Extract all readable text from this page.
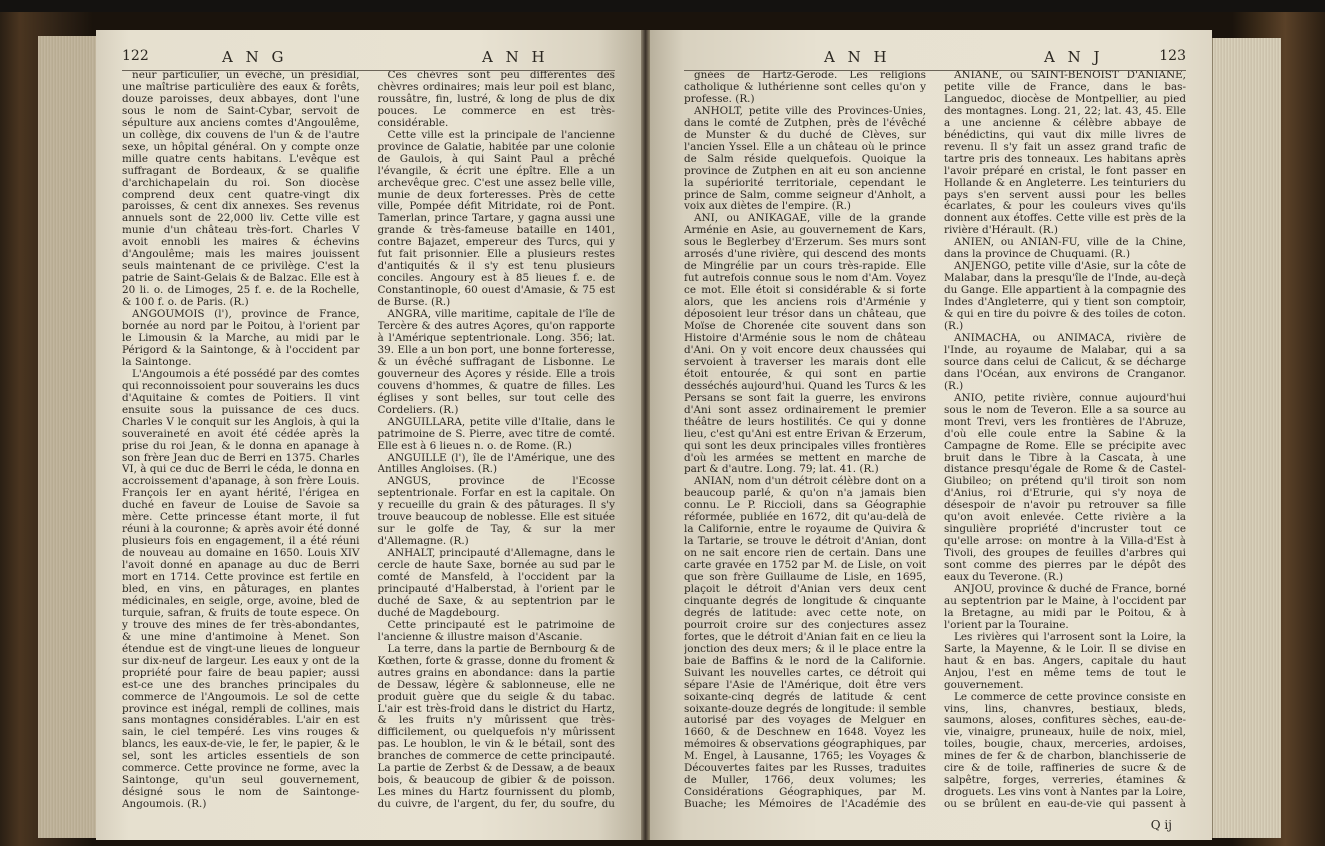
122	A N G	A N H

neur particulier, un évêché, un présidial, une maîtrise particulière des eaux & forêts, douze paroisses, deux abbayes, dont l'une sous le nom de Saint-Cybar, servoit de sépulture aux anciens comtes d'Angoulême, un collège, dix couvens de l'un & de l'autre sexe, un hôpital général. On y compte onze mille quatre cents habitans. L'evêque est suffragant de Bordeaux, & se qualifie d'archichapelain du roi. Son diocèse comprend deux cent quatre-vingt dix paroisses, & cent dix annexes. Ses revenus annuels sont de 22,000 liv. Cette ville est munie d'un château très-fort. Charles V avoit ennobli les maires & échevins d'Angoulême; mais les maires jouissent seuls maintenant de ce privilège. C'est la patrie de Saint-Gelais & de Balzac. Elle est à 20 li. o. de Limoges, 25 f. e. de la Rochelle, & 100 f. o. de Paris. (R.)

ANGOUMOIS (l'), province de France, bornée au nord par le Poitou, à l'orient par le Limousin & la Marche, au midi par le Périgord & la Saintonge, & à l'occident par la Saintonge.

L'Angoumois a été possédé par des comtes qui reconnoissoient pour souverains les ducs d'Aquitaine & comtes de Poitiers. Il vint ensuite sous la puissance de ces ducs. Charles V le conquit sur les Anglois, à qui la souveraineté en avoit été cédée après la prise du roi Jean, & le donna en apanage à son frère Jean duc de Berri en 1375. Charles VI, à qui ce duc de Berri le céda, le donna en accroissement d'apanage, à son frère Louis. François Ier en ayant hérité, l'érigea en duché en faveur de Louise de Savoie sa mère. Cette princesse étant morte, il fut réuni à la couronne; & après avoir été donné plusieurs fois en engagement, il a été réuni de nouveau au domaine en 1650. Louis XIV l'avoit donné en apanage au duc de Berri mort en 1714. Cette province est fertile en bled, en vins, en pâturages, en plantes médicinales, en seigle, orge, avoine, bled de turquie, safran, & fruits de toute espece. On y trouve des mines de fer très-abondantes, & une mine d'antimoine à Menet. Son étendue est de vingt-une lieues de longueur sur dix-neuf de largeur. Les eaux y ont de la propriété pour faire de beau papier; aussi est-ce une des branches principales du commerce de l'Angoumois. Le sol de cette province est inégal, rempli de collines, mais sans montagnes considérables. L'air en est sain, le ciel tempéré. Les vins rouges & blancs, les eaux-de-vie, le fer, le papier, & le sel, sont les articles essentiels de son commerce. Cette province ne forme, avec la Saintonge, qu'un seul gouvernement, désigné sous le nom de Saintonge-Angoumois. (R.)

Ces chèvres sont peu différentes des chèvres ordinaires; mais leur poil est blanc, roussâtre, fin, lustré, & long de plus de dix pouces. Le commerce en est très-considérable.

Cette ville est la principale de l'ancienne province de Galatie, habitée par une colonie de Gaulois, à qui Saint Paul a prêché l'évangile, & écrit une épître. Elle a un archevêque grec. C'est une assez belle ville, munie de deux forteresses. Près de cette ville, Pompée défit Mitridate, roi de Pont. Tamerlan, prince Tartare, y gagna aussi une grande & très-fameuse bataille en 1401, contre Bajazet, empereur des Turcs, qui y fut fait prisonnier. Elle a plusieurs restes d'antiquités & il s'y est tenu plusieurs conciles. Angoury est à 85 lieues f. e. de Constantinople, 60 ouest d'Amasie, & 75 est de Burse. (R.)

ANGRA, ville maritime, capitale de l'île de Tercère & des autres Açores, qu'on rapporte à l'Amérique septentrionale. Long. 356; lat. 39. Elle a un bon port, une bonne forteresse, & un évêché suffragant de Lisbonne. Le gouverneur des Açores y réside. Elle a trois couvens d'hommes, & quatre de filles. Les églises y sont belles, sur tout celle des Cordeliers. (R.)

ANGUILLARA, petite ville d'Italie, dans le patrimoine de S. Pierre, avec titre de comté. Elle est à 6 lieues n. o. de Rome. (R.)

ANGUILLE (l'), île de l'Amérique, une des Antilles Angloises. (R.)

ANGUS, province de l'Ecosse septentrionale. Forfar en est la capitale. On y recueille du grain & des pâturages. Il s'y trouve beaucoup de noblesse. Elle est située sur le golfe de Tay, & sur la mer d'Allemagne. (R.)

ANHALT, principauté d'Allemagne, dans le cercle de haute Saxe, bornée au sud par le comté de Mansfeld, à l'occident par la principauté d'Halberstad, à l'orient par le duché de Saxe, & au septentrion par le duché de Magdebourg.

Cette principauté est le patrimoine de l'ancienne & illustre maison d'Ascanie.

La terre, dans la partie de Bernbourg & de Kœthen, forte & grasse, donne du froment & autres grains en abondance: dans la partie de Dessaw, légère & sablonneuse, elle ne produit guère que du seigle & du tabac. L'air est très-froid dans le district du Hartz, & les fruits n'y mûrissent que très-difficilement, ou quelquefois n'y mûrissent pas. Le houblon, le vin & le bétail, sont des branches de commerce de cette principauté. La partie de Zerbst & de Dessaw, a de beaux bois, & beaucoup de gibier & de poisson. Les mines du Hartz fournissent du plomb, du cuivre, de l'argent, du fer, du soufre, du

A N H	A N J	123

gnées de Hartz-Gerode. Les religions catholique & luthérienne sont celles qu'on y professe. (R.)

ANHOLT, petite ville des Provinces-Unies, dans le comté de Zutphen, près de l'évêché de Munster & du duché de Clèves, sur l'ancien Yssel. Elle a un château où le prince de Salm réside quelquefois. Quoique la province de Zutphen en ait eu son ancienne la supériorité territoriale, cependant le prince de Salm, comme seigneur d'Anholt, a voix aux diètes de l'empire. (R.)

ANI, ou ANIKAGAE, ville de la grande Arménie en Asie, au gouvernement de Kars, sous le Beglerbey d'Erzerum. Ses murs sont arrosés d'une rivière, qui descend des monts de Mingrélie par un cours très-rapide. Elle fut autrefois connue sous le nom d'Am. Voyez ce mot. Elle étoit si considérable & si forte alors, que les anciens rois d'Arménie y déposoient leur trésor dans un château, que Moïse de Chorenée cite souvent dans son Histoire d'Arménie sous le nom de château d'Ani. On y voit encore deux chaussées qui servoient à traverser les marais dont elle étoit entourée, & qui sont en partie desséchés aujourd'hui. Quand les Turcs & les Persans se sont fait la guerre, les environs d'Ani sont assez ordinairement le premier théâtre de leurs hostilités. Ce qui y donne lieu, c'est qu'Ani est entre Erivan & Erzerum, qui sont les deux principales villes frontières d'où les armées se mettent en marche de part & d'autre. Long. 79; lat. 41. (R.)

ANIAN, nom d'un détroit célèbre dont on a beaucoup parlé, & qu'on n'a jamais bien connu. Le P. Riccioli, dans sa Géographie réformée, publiée en 1672, dit qu'au-delà de la Californie, entre le royaume de Quivira & la Tartarie, se trouve le détroit d'Anian, dont on ne sait encore rien de certain. Dans une carte gravée en 1752 par M. de Lisle, on voit que son frère Guillaume de Lisle, en 1695, plaçoit le détroit d'Anian vers deux cent cinquante degrés de longitude & cinquante degrés de latitude: avec cette note, on pourroit croire sur des conjectures assez fortes, que le détroit d'Anian fait en ce lieu la jonction des deux mers; & il le place entre la baie de Baffins & le nord de la Californie. Suivant les nouvelles cartes, ce détroit qui sépare l'Asie de l'Amérique, doit être vers soixante-cinq degrés de latitude & cent soixante-douze degrés de longitude: il semble autorisé par des voyages de Melguer en 1660, & de Deschnew en 1648. Voyez les mémoires & observations géographiques, par M. Engel, à Lausanne, 1765; les Voyages & Découvertes faites par les Russes, traduites de Muller, 1766, deux volumes; les Considérations Géographiques, par M. Buache; les Mémoires de l'Académie des

ANIANE, ou SAINT-BENOIST D'ANIANE, petite ville de France, dans le bas-Languedoc, diocèse de Montpellier, au pied des montagnes. Long. 21, 22; lat. 43, 45. Elle a une ancienne & célèbre abbaye de bénédictins, qui vaut dix mille livres de revenu. Il s'y fait un assez grand trafic de tartre pris des tonneaux. Les habitans après l'avoir préparé en cristal, le font passer en Hollande & en Angleterre. Les teinturiers du pays s'en servent aussi pour les belles écarlates, & pour les couleurs vives qu'ils donnent aux étoffes. Cette ville est près de la rivière d'Hérault. (R.)

ANIEN, ou ANIAN-FU, ville de la Chine, dans la province de Chuquami. (R.)

ANJENGO, petite ville d'Asie, sur la côte de Malabar, dans la presqu'île de l'Inde, au-deçà du Gange. Elle appartient à la compagnie des Indes d'Angleterre, qui y tient son comptoir, & qui en tire du poivre & des toiles de coton. (R.)

ANIMACHA, ou ANIMACA, rivière de l'Inde, au royaume de Malabar, qui a sa source dans celui de Calicut, & se décharge dans l'Océan, aux environs de Cranganor. (R.)

ANIO, petite rivière, connue aujourd'hui sous le nom de Teveron. Elle a sa source au mont Trevi, vers les frontières de l'Abruze, d'où elle coule entre la Sabine & la Campagne de Rome. Elle se précipite avec bruit dans le Tibre à la Cascata, à une distance presqu'égale de Rome & de Castel-Giubileo; on prétend qu'il tiroit son nom d'Anius, roi d'Etrurie, qui s'y noya de désespoir de n'avoir pu retrouver sa fille qu'on avoit enlevée. Cette rivière a la singulière propriété d'incruster tout ce qu'elle arrose: on montre à la Villa-d'Est à Tivoli, des groupes de feuilles d'arbres qui sont comme des pierres par le dépôt des eaux du Teverone. (R.)

ANJOU, province & duché de France, borné au septentrion par le Maine, à l'occident par la Bretagne, au midi par le Poitou, & à l'orient par la Touraine.

Les rivières qui l'arrosent sont la Loire, la Sarte, la Mayenne, & le Loir. Il se divise en haut & en bas. Angers, capitale du haut Anjou, l'est en même tems de tout le gouvernement.

Le commerce de cette province consiste en vins, lins, chanvres, bestiaux, bleds, saumons, aloses, confitures sèches, eau-de-vie, vinaigre, pruneaux, huile de noix, miel, toiles, bougie, chaux, merceries, ardoises, mines de fer & de charbon, blanchisserie de cire & de toile, raffineries de sucre & de salpêtre, forges, verreries, étamines & droguets. Les vins vont à Nantes par la Loire, ou se brûlent en eau-de-vie qui passent à

Q ij
